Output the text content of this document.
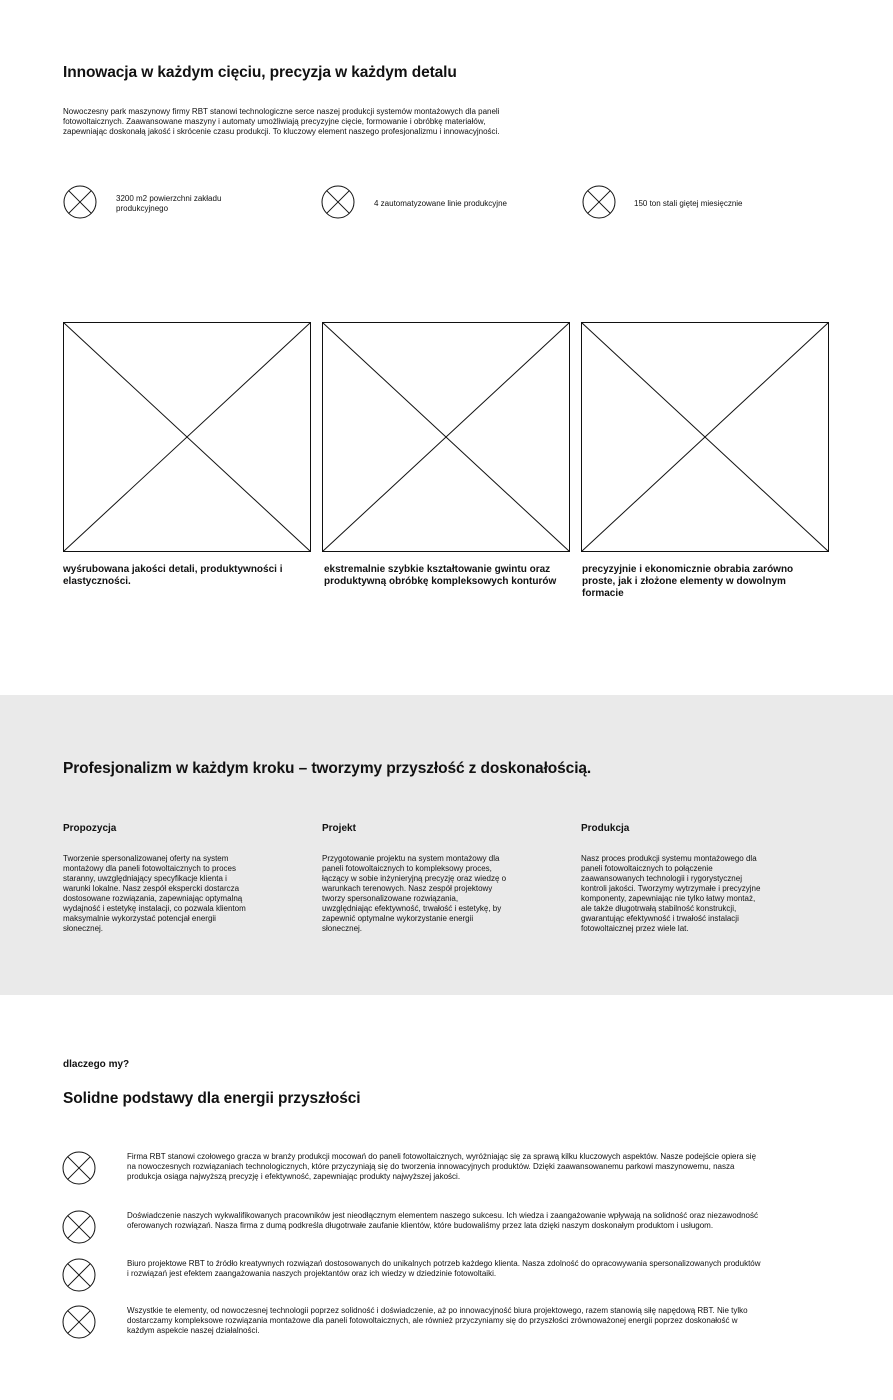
Innowacja w każdym cięciu, precyzja w każdym detalu
Nowoczesny park maszynowy firmy RBT stanowi technologiczne serce naszej produkcji systemów montażowych dla paneli fotowoltaicznych. Zaawansowane maszyny i automaty umożliwiają precyzyjne cięcie, formowanie i obróbkę materiałów, zapewniając doskonałą jakość i skrócenie czasu produkcji. To kluczowy element naszego profesjonalizmu i innowacyjności.
3200 m2 powierzchni zakładu produkcyjnego
4 zautomatyzowane linie produkcyjne	150 ton stali giętej miesięcznie
wyśrubowana jakości detali, produktywności i elastyczności.
ekstremalnie szybkie kształtowanie gwintu oraz produktywną obróbkę kompleksowych konturów
precyzyjnie i ekonomicznie obrabia zarówno proste, jak i złożone elementy w dowolnym formacie
Profesjonalizm w każdym kroku – tworzymy przyszłość z doskonałością.
Propozycja
Tworzenie spersonalizowanej oferty na system montażowy dla paneli fotowoltaicznych to proces staranny, uwzględniający specyfikacje klienta i warunki lokalne. Nasz zespół ekspercki dostarcza dostosowane rozwiązania, zapewniając optymalną wydajność i estetykę instalacji, co pozwala klientom maksymalnie wykorzystać potencjał energii słonecznej.
Projekt
Przygotowanie projektu na system montażowy dla paneli fotowoltaicznych to kompleksowy proces, łączący w sobie inżynieryjną precyzję oraz wiedzę o warunkach terenowych. Nasz zespół projektowy tworzy spersonalizowane rozwiązania, uwzględniając efektywność, trwałość i estetykę, by zapewnić optymalne wykorzystanie energii słonecznej.
Produkcja
Nasz proces produkcji systemu montażowego dla paneli fotowoltaicznych to połączenie zaawansowanych technologii i rygorystycznej kontroli jakości. Tworzymy wytrzymałe i precyzyjne komponenty, zapewniając nie tylko łatwy montaż, ale także długotrwałą stabilność konstrukcji, gwarantując efektywność i trwałość instalacji fotowoltaicznej przez wiele lat.
dlaczego my?
Solidne podstawy dla energii przyszłości
Firma RBT stanowi czołowego gracza w branży produkcji mocowań do paneli fotowoltaicznych, wyróżniając się za sprawą kilku kluczowych aspektów. Nasze podejście opiera się na nowoczesnych rozwiązaniach technologicznych, które przyczyniają się do tworzenia innowacyjnych produktów. Dzięki zaawansowanemu parkowi maszynowemu, nasza produkcja osiąga najwyższą precyzję i efektywność, zapewniając produkty najwyższej jakości.
Doświadczenie naszych wykwalifikowanych pracowników jest nieodłącznym elementem naszego sukcesu. Ich wiedza i zaangażowanie wpływają na solidność oraz niezawodność oferowanych rozwiązań. Nasza firma z dumą podkreśla długotrwałe zaufanie klientów, które budowaliśmy przez lata dzięki naszym doskonałym produktom i usługom.
Biuro projektowe RBT to źródło kreatywnych rozwiązań dostosowanych do unikalnych potrzeb każdego klienta. Nasza zdolność do opracowywania spersonalizowanych produktów i rozwiązań jest efektem zaangażowania naszych projektantów oraz ich wiedzy w dziedzinie fotowoltaiki.
Wszystkie te elementy, od nowoczesnej technologii poprzez solidność i doświadczenie, aż po innowacyjność biura projektowego, razem stanowią siłę napędową RBT. Nie tylko dostarczamy kompleksowe rozwiązania montażowe dla paneli fotowoltaicznych, ale również przyczyniamy się do przyszłości zrównoważonej energii poprzez doskonałość w każdym aspekcie naszej działalności.
